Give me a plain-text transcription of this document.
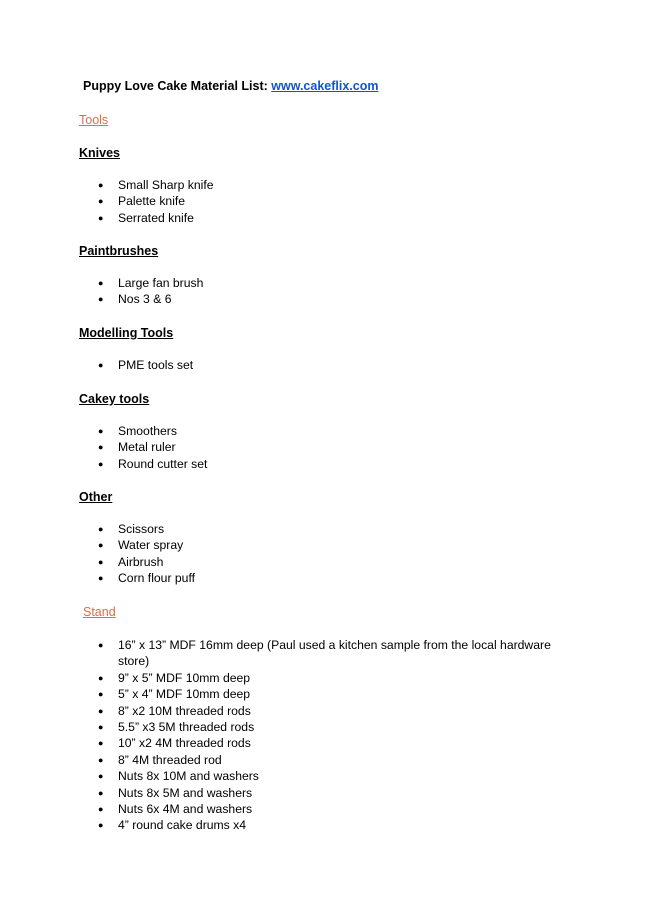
Puppy Love Cake Material List: www.cakeflix.com
Tools
Knives
● Small Sharp knife
● Palette knife
● Serrated knife
Paintbrushes
● Large fan brush
● Nos 3 & 6
Modelling Tools
● PME tools set
Cakey tools
● Smoothers
● Metal ruler
● Round cutter set
Other
● Scissors
● Water spray
● Airbrush
● Corn flour puff
Stand
● 16” x 13” MDF 16mm deep (Paul used a kitchen sample from the local hardware store)
● 9” x 5” MDF 10mm deep
● 5” x 4” MDF 10mm deep
● 8” x2 10M threaded rods
● 5.5” x3 5M threaded rods
● 10” x2 4M threaded rods
● 8” 4M threaded rod
● Nuts 8x 10M and washers
● Nuts 8x 5M and washers
● Nuts 6x 4M and washers
● 4” round cake drums x4
